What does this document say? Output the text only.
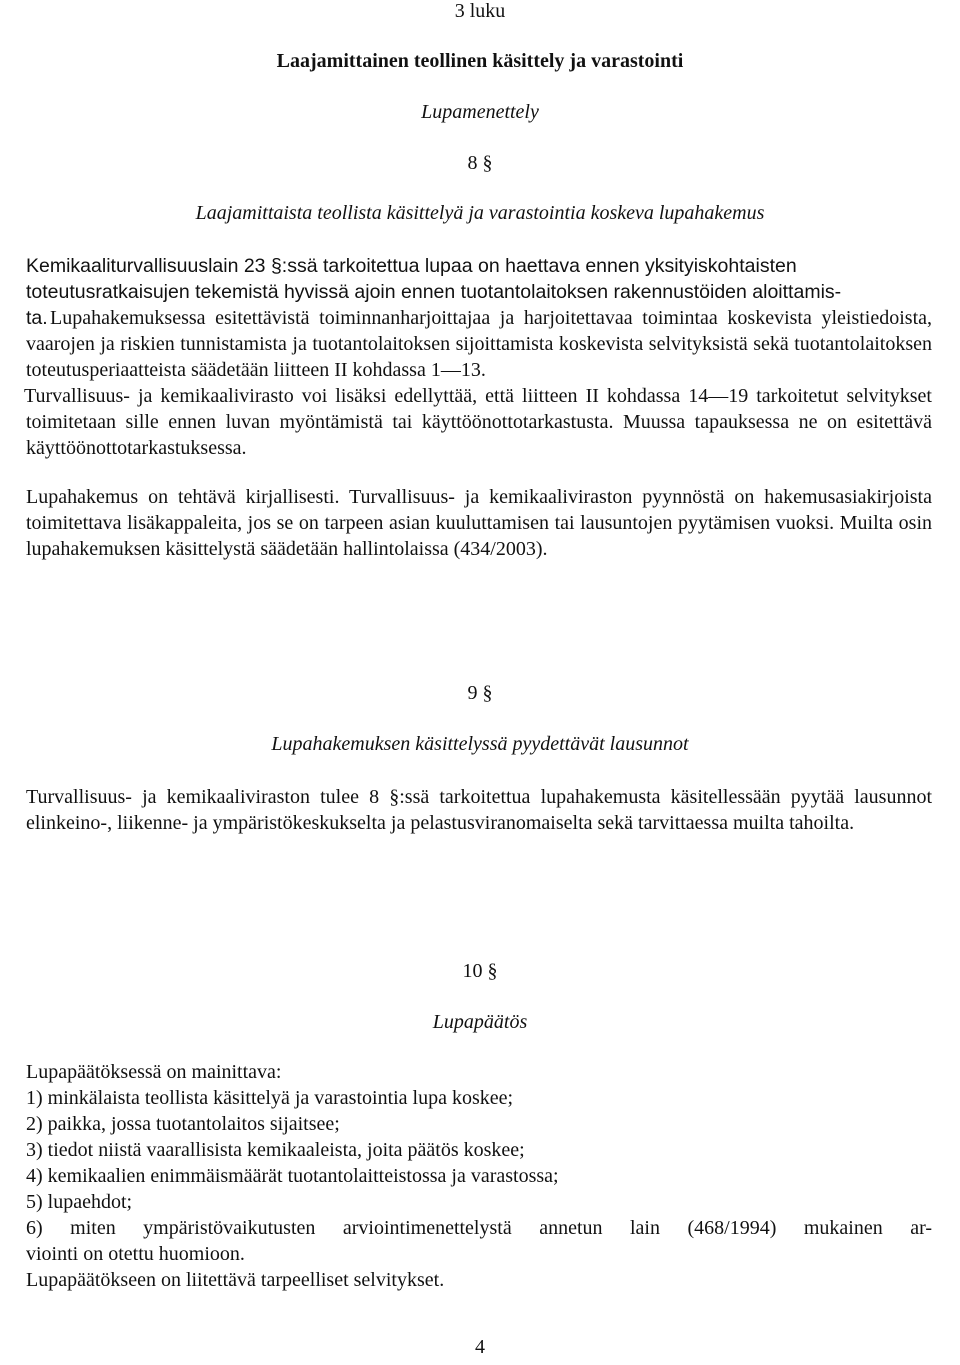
3 luku
Laajamittainen teollinen käsittely ja varastointi
Lupamenettely
8 §
Laajamittaista teollista käsittelyä ja varastointia koskeva lupahakemus
Kemikaaliturvallisuuslain 23 §:ssä tarkoitettua lupaa on haettava ennen yksityiskohtaisten
toteutusratkaisujen tekemistä hyvissä ajoin ennen tuotantolaitoksen rakennustöiden aloittamis-
ta. Lupahakemuksessa esitettävistä toiminnanharjoittajaa ja harjoitettavaa toimintaa koskevista yleistiedoista, vaarojen ja riskien tunnistamista ja tuotantolaitoksen sijoittamista koskevista selvityksistä sekä tuotantolaitoksen toteutusperiaatteista säädetään liitteen II kohdassa 1—13.
Turvallisuus- ja kemikaalivirasto voi lisäksi edellyttää, että liitteen II kohdassa 14—19 tarkoitetut selvitykset toimitetaan sille ennen luvan myöntämistä tai käyttöönottotarkastusta. Muussa tapauksessa ne on esitettävä käyttöönottotarkastuksessa.
Lupahakemus on tehtävä kirjallisesti. Turvallisuus- ja kemikaaliviraston pyynnöstä on hakemusasiakirjoista toimitettava lisäkappaleita, jos se on tarpeen asian kuuluttamisen tai lausuntojen pyytämisen vuoksi. Muilta osin lupahakemuksen käsittelystä säädetään hallintolaissa (434/2003).
9 §
Lupahakemuksen käsittelyssä pyydettävät lausunnot
Turvallisuus- ja kemikaaliviraston tulee 8 §:ssä tarkoitettua lupahakemusta käsitellessään pyytää lausunnot elinkeino-, liikenne- ja ympäristökeskukselta ja pelastusviranomaiselta sekä tarvittaessa muilta tahoilta.
10 §
Lupapäätös
Lupapäätöksessä on mainittava:
1) minkälaista teollista käsittelyä ja varastointia lupa koskee;
2) paikka, jossa tuotantolaitos sijaitsee;
3) tiedot niistä vaarallisista kemikaaleista, joita päätös koskee;
4) kemikaalien enimmäismäärät tuotantolaitteistossa ja varastossa;
5) lupaehdot;
6) miten ympäristövaikutusten arviointimenettelystä annetun lain (468/1994) mukainen ar-
viointi on otettu huomioon.
Lupapäätökseen on liitettävä tarpeelliset selvitykset.
4
